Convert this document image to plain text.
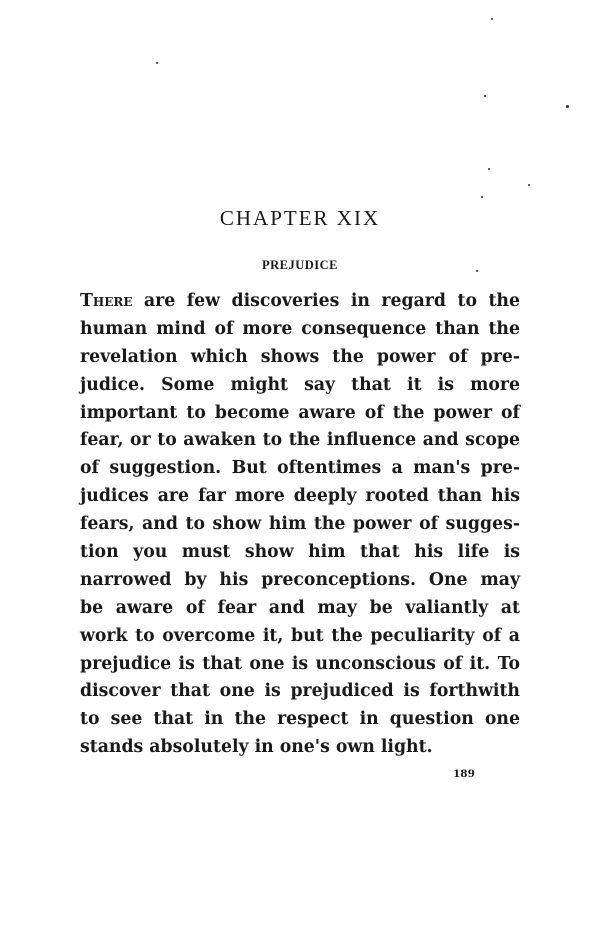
CHAPTER XIX
PREJUDICE

There are few discoveries in regard to the
human mind of more consequence than the
revelation which shows the power of pre-
judice. Some might say that it is more
important to become aware of the power of
fear, or to awaken to the influence and scope
of suggestion. But oftentimes a man's pre-
judices are far more deeply rooted than his
fears, and to show him the power of sugges-
tion you must show him that his life is
narrowed by his preconceptions. One may
be aware of fear and may be valiantly at
work to overcome it, but the peculiarity of a
prejudice is that one is unconscious of it. To
discover that one is prejudiced is forthwith
to see that in the respect in question one
stands absolutely in one's own light.

189
